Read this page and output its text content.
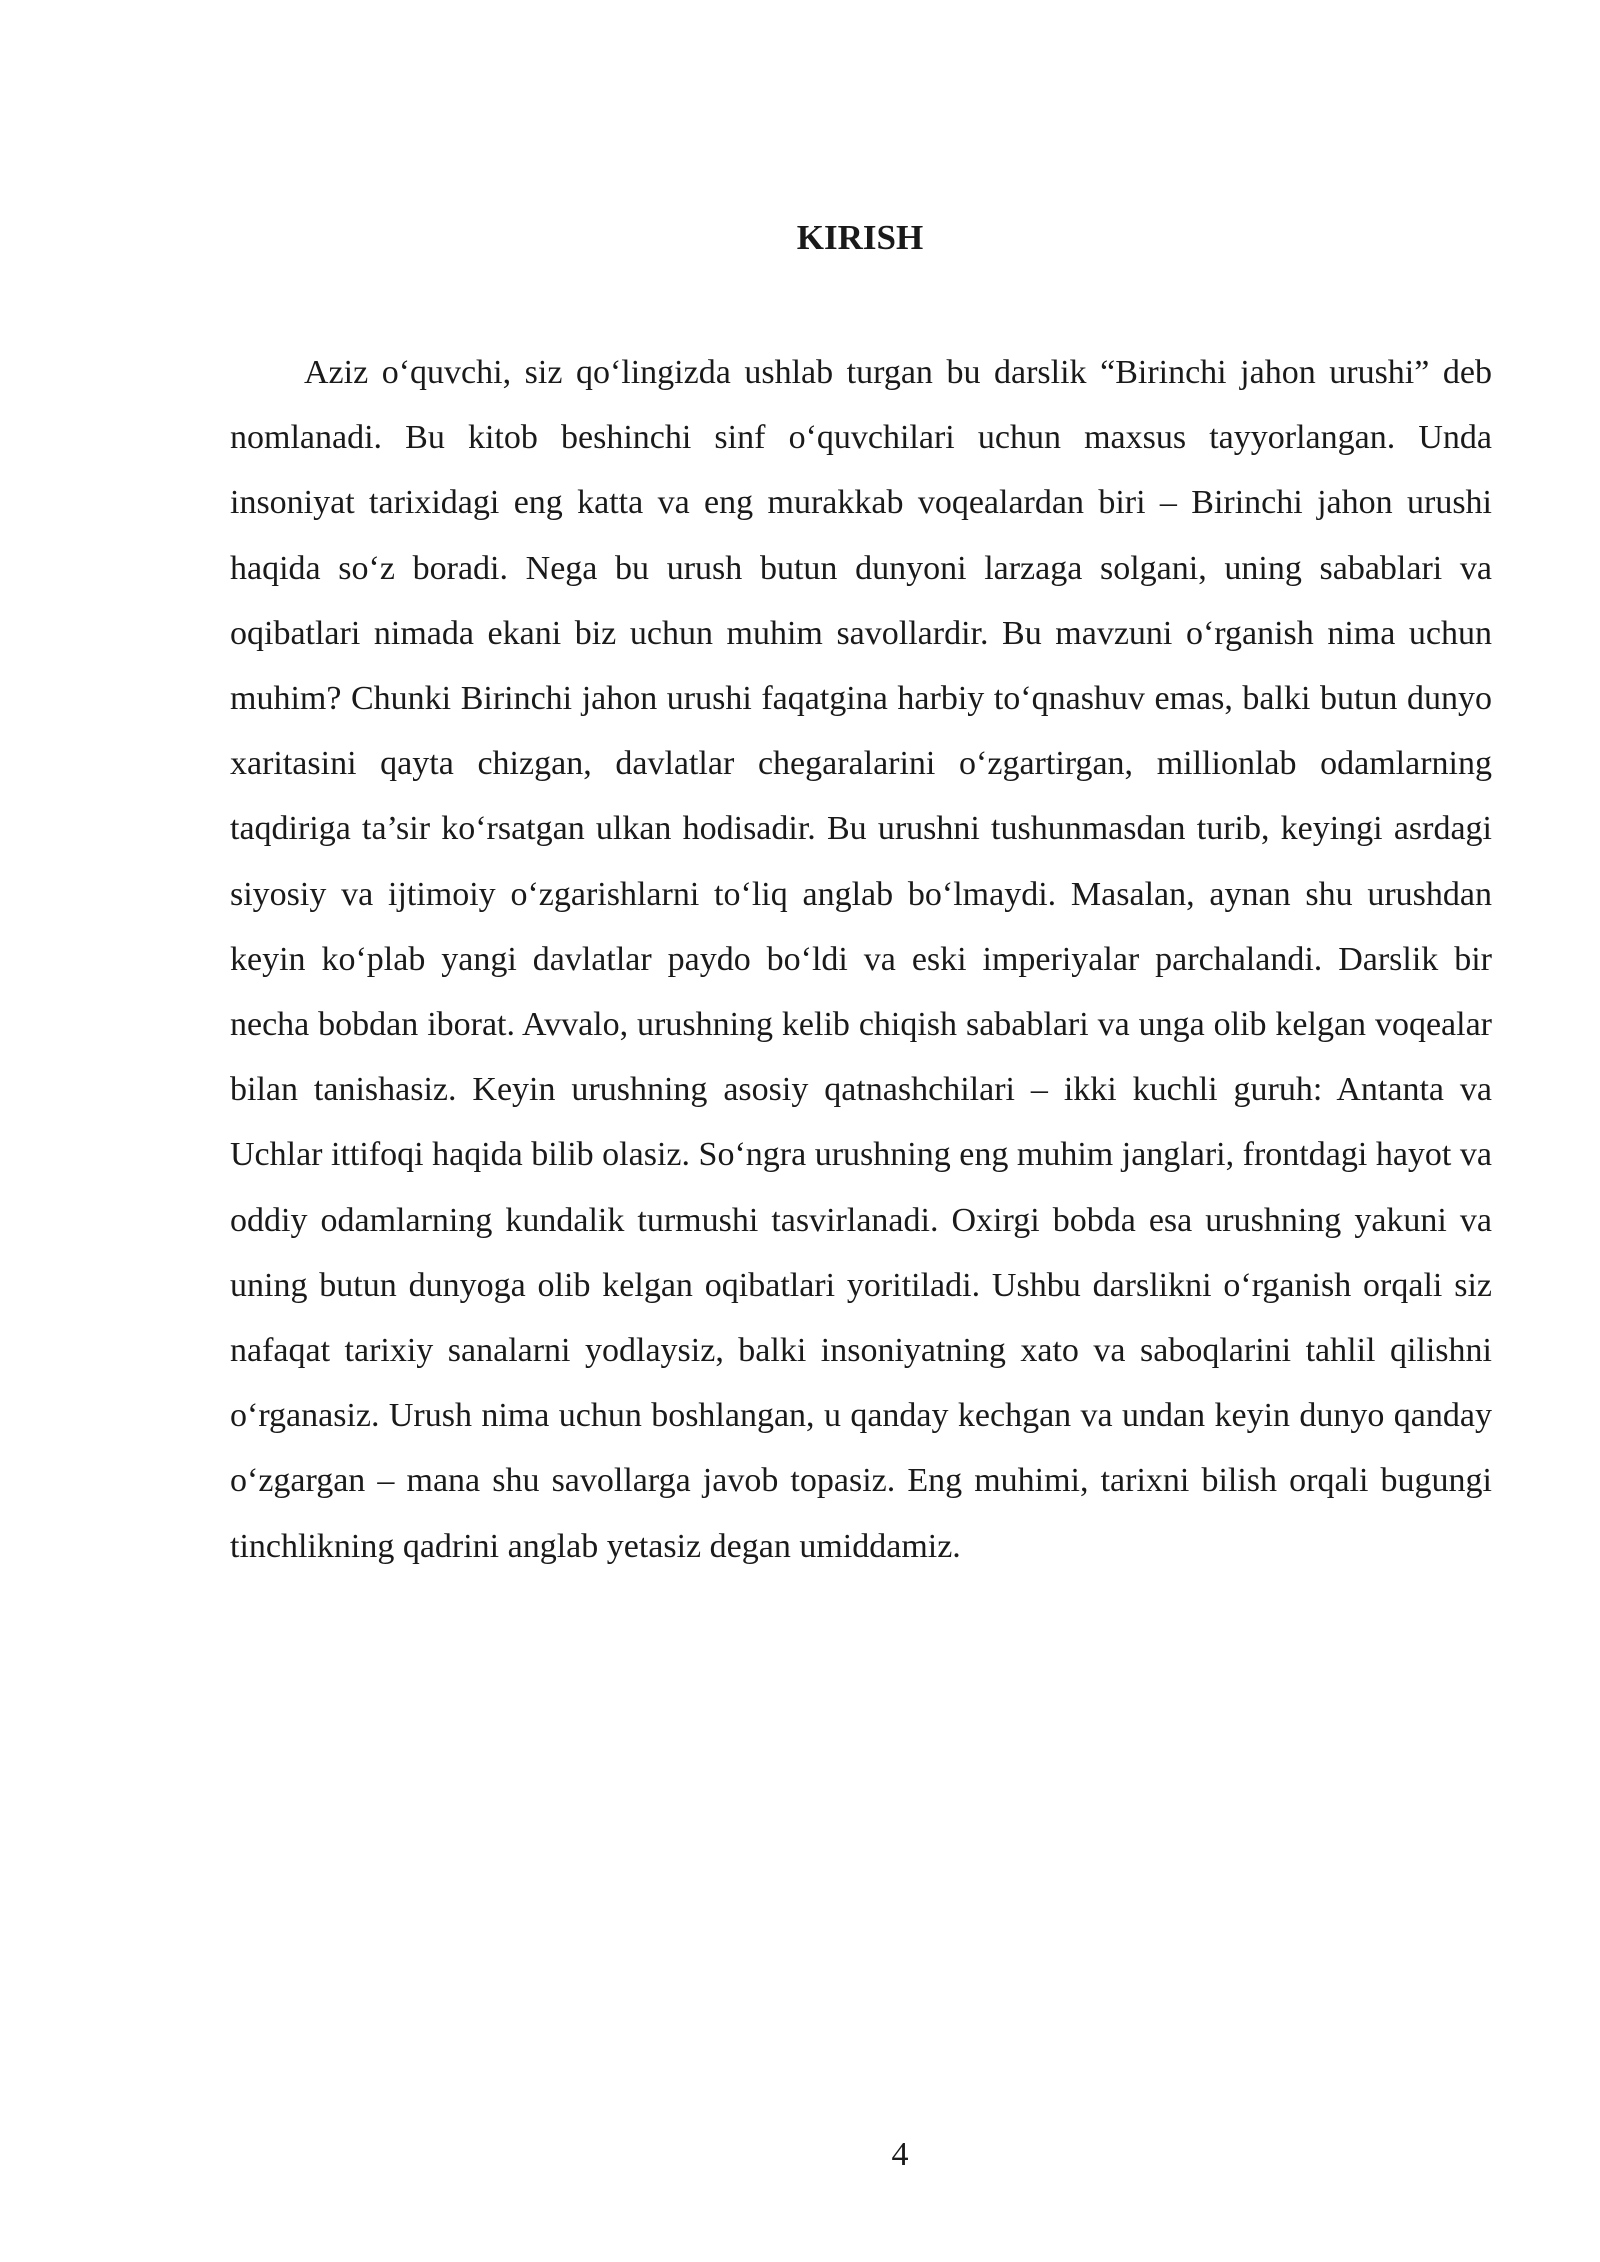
KIRISH

Aziz o‘quvchi, siz qo‘lingizda ushlab turgan bu darslik “Birinchi jahon urushi” deb nomlanadi. Bu kitob beshinchi sinf o‘quvchilari uchun maxsus tayyorlangan. Unda insoniyat tarixidagi eng katta va eng murakkab voqealardan biri – Birinchi jahon urushi haqida so‘z boradi. Nega bu urush butun dunyoni larzaga solgani, uning sabablari va oqibatlari nimada ekani biz uchun muhim savollardir. Bu mavzuni o‘rganish nima uchun muhim? Chunki Birinchi jahon urushi faqatgina harbiy to‘qnashuv emas, balki butun dunyo xaritasini qayta chizgan, davlatlar chegaralarini o‘zgartirgan, millionlab odamlarning taqdiriga ta’sir ko‘rsatgan ulkan hodisadir. Bu urushni tushunmasdan turib, keyingi asrdagi siyosiy va ijtimoiy o‘zgarishlarni to‘liq anglab bo‘lmaydi. Masalan, aynan shu urushdan keyin ko‘plab yangi davlatlar paydo bo‘ldi va eski imperiyalar parchalandi. Darslik bir necha bobdan iborat. Avvalo, urushning kelib chiqish sabablari va unga olib kelgan voqealar bilan tanishasiz. Keyin urushning asosiy qatnashchilari – ikki kuchli guruh: Antanta va Uchlar ittifoqi haqida bilib olasiz. So‘ngra urushning eng muhim janglari, frontdagi hayot va oddiy odamlarning kundalik turmushi tasvirlanadi. Oxirgi bobda esa urushning yakuni va uning butun dunyoga olib kelgan oqibatlari yoritiladi. Ushbu darslikni o‘rganish orqali siz nafaqat tarixiy sanalarni yodlaysiz, balki insoniyatning xato va saboqlarini tahlil qilishni o‘rganasiz. Urush nima uchun boshlangan, u qanday kechgan va undan keyin dunyo qanday o‘zgargan – mana shu savollarga javob topasiz. Eng muhimi, tarixni bilish orqali bugungi tinchlikning qadrini anglab yetasiz degan umiddamiz.

4
